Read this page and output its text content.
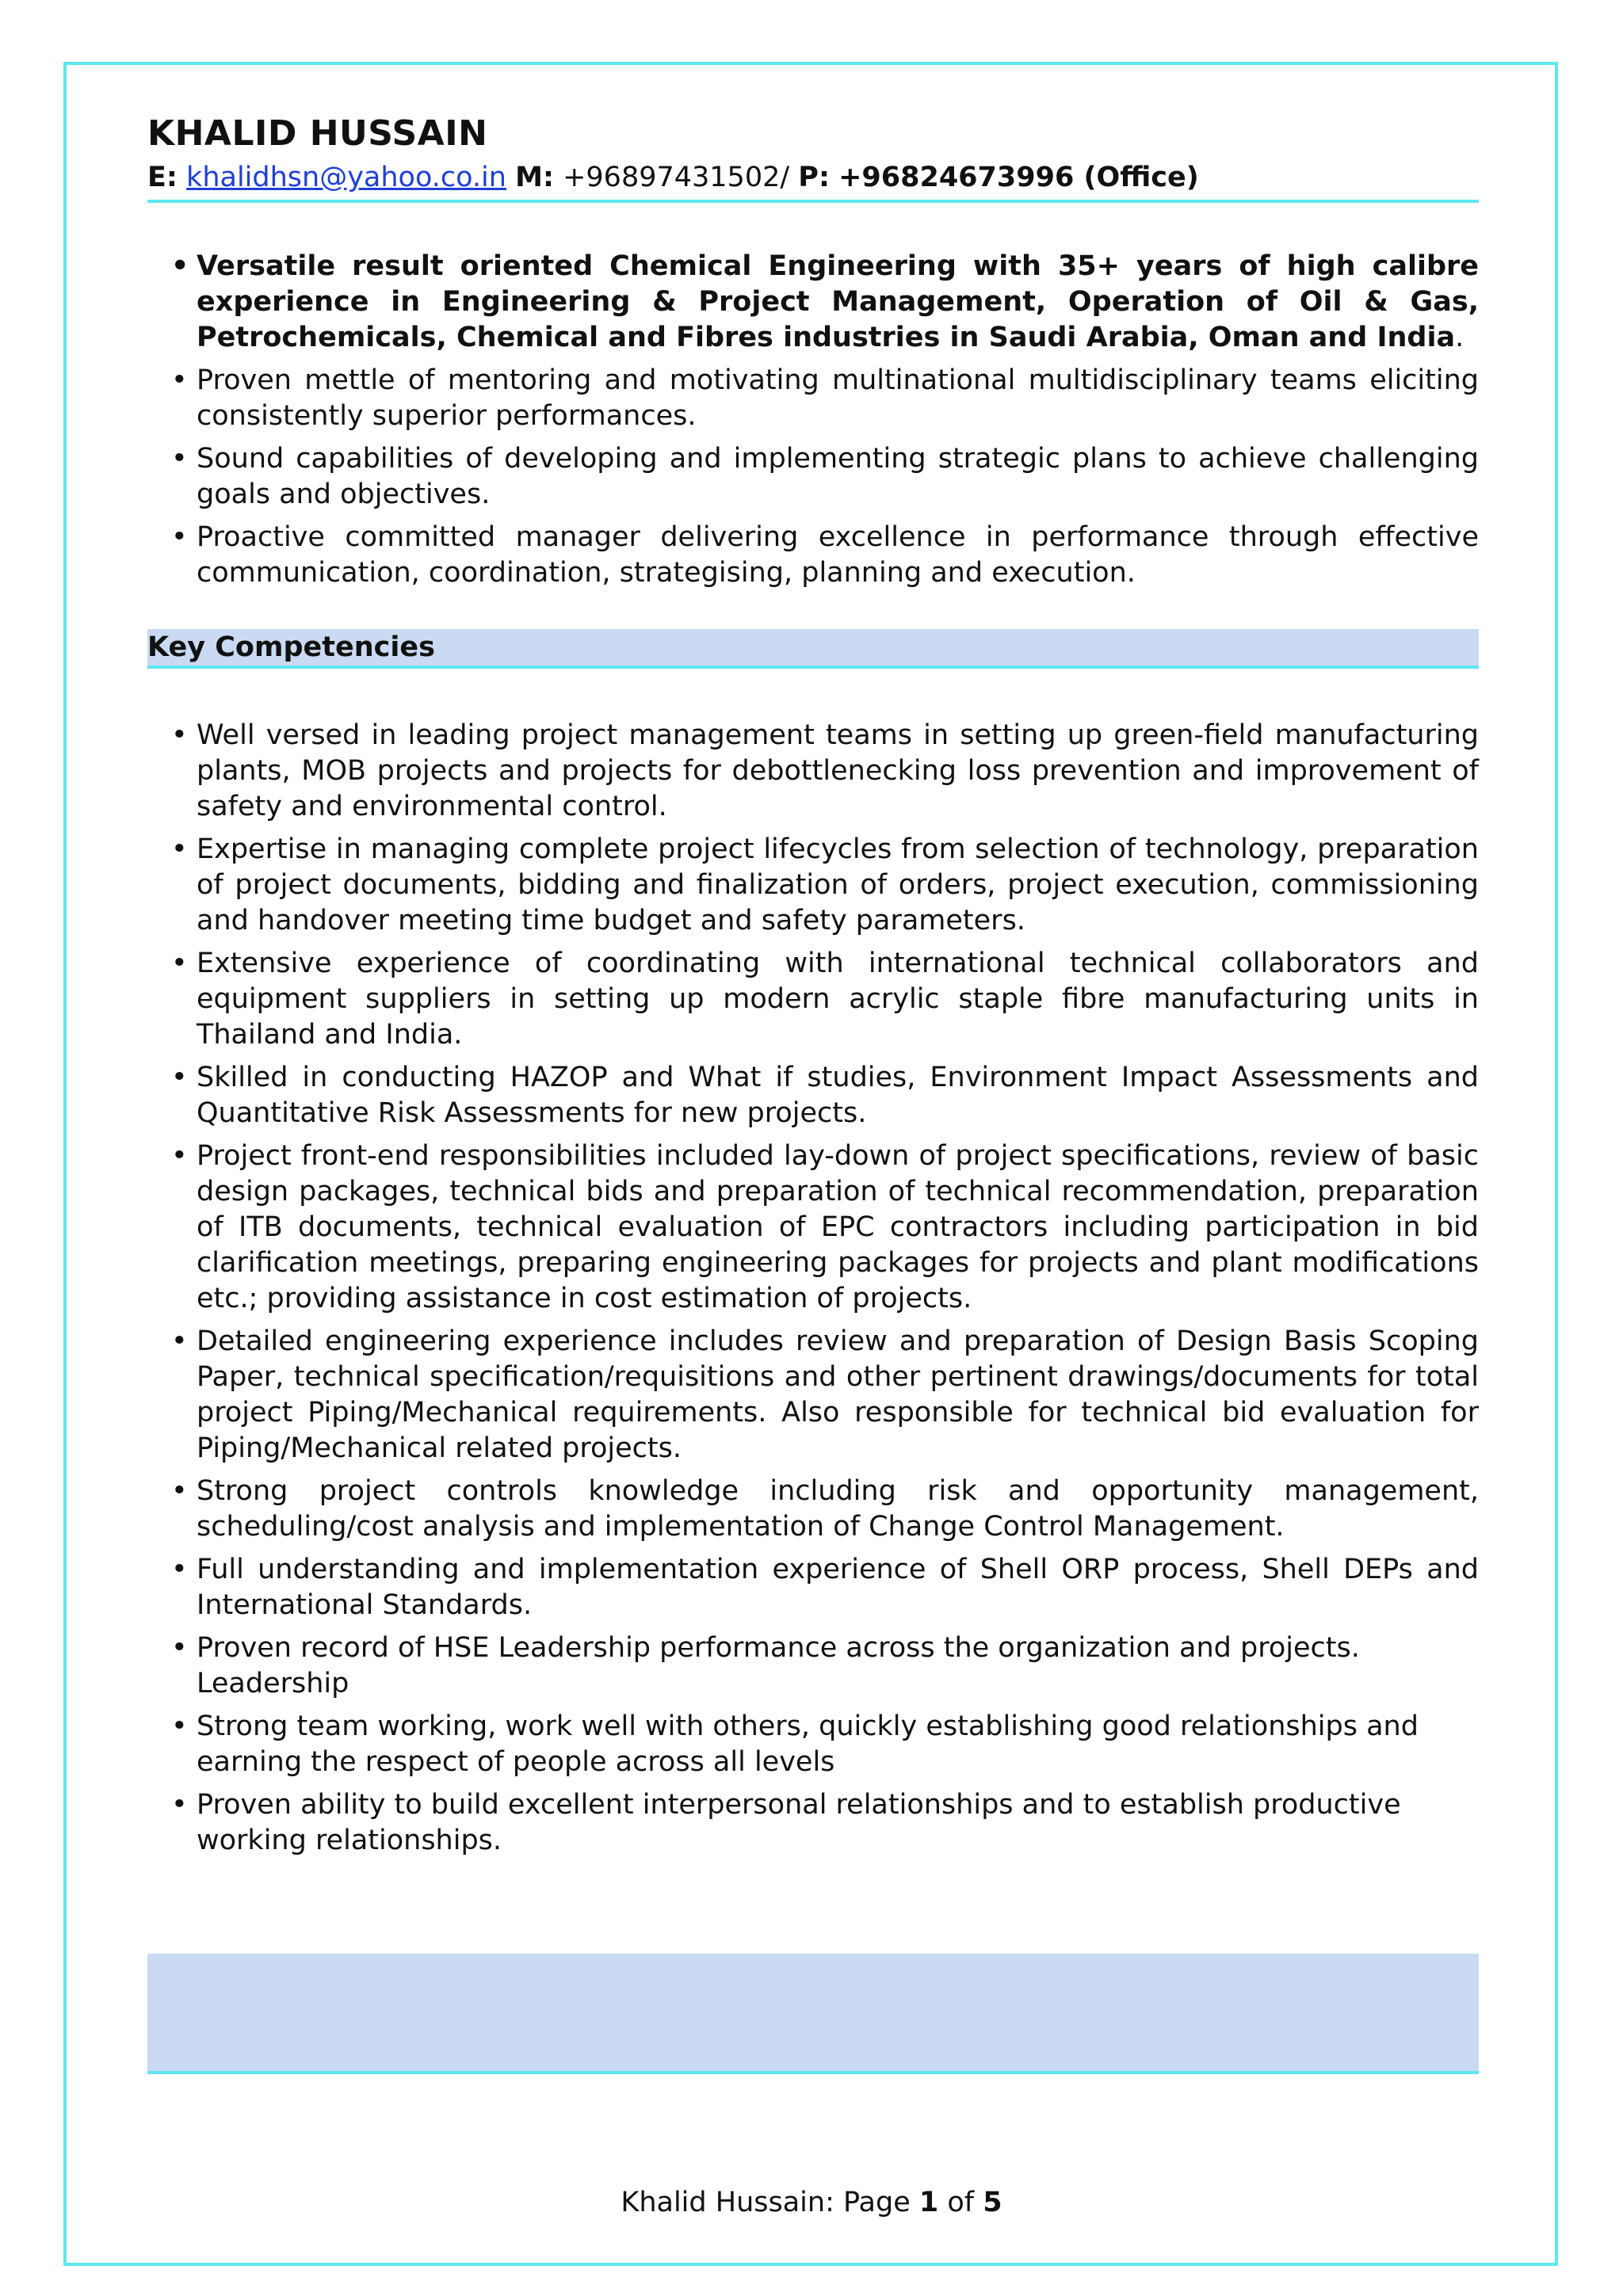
KHALID HUSSAIN
E: khalidhsn@yahoo.co.in M: +96897431502/ P: +96824673996 (Office)
• Versatile result oriented Chemical Engineering with 35+ years of high calibre experience in Engineering & Project Management, Operation of Oil & Gas, Petrochemicals, Chemical and Fibres industries in Saudi Arabia, Oman and India.
• Proven mettle of mentoring and motivating multinational multidisciplinary teams eliciting consistently superior performances.
• Sound capabilities of developing and implementing strategic plans to achieve challenging goals and objectives.
• Proactive committed manager delivering excellence in performance through effective communication, coordination, strategising, planning and execution.
Key Competencies
• Well versed in leading project management teams in setting up green-field manufacturing plants, MOB projects and projects for debottlenecking loss prevention and improvement of safety and environmental control.
• Expertise in managing complete project lifecycles from selection of technology, preparation of project documents, bidding and finalization of orders, project execution, commissioning and handover meeting time budget and safety parameters.
• Extensive experience of coordinating with international technical collaborators and equipment suppliers in setting up modern acrylic staple fibre manufacturing units in Thailand and India.
• Skilled in conducting HAZOP and What if studies, Environment Impact Assessments and Quantitative Risk Assessments for new projects.
• Project front-end responsibilities included lay-down of project specifications, review of basic design packages, technical bids and preparation of technical recommendation, preparation of ITB documents, technical evaluation of EPC contractors including participation in bid clarification meetings, preparing engineering packages for projects and plant modifications etc.; providing assistance in cost estimation of projects.
• Detailed engineering experience includes review and preparation of Design Basis Scoping Paper, technical specification/requisitions and other pertinent drawings/documents for total project Piping/Mechanical requirements. Also responsible for technical bid evaluation for Piping/Mechanical related projects.
• Strong project controls knowledge including risk and opportunity management, scheduling/cost analysis and implementation of Change Control Management.
• Full understanding and implementation experience of Shell ORP process, Shell DEPs and International Standards.
• Proven record of HSE Leadership performance across the organization and projects.
Leadership
• Strong team working, work well with others, quickly establishing good relationships and earning the respect of people across all levels
• Proven ability to build excellent interpersonal relationships and to establish productive working relationships.
Khalid Hussain: Page 1 of 5
